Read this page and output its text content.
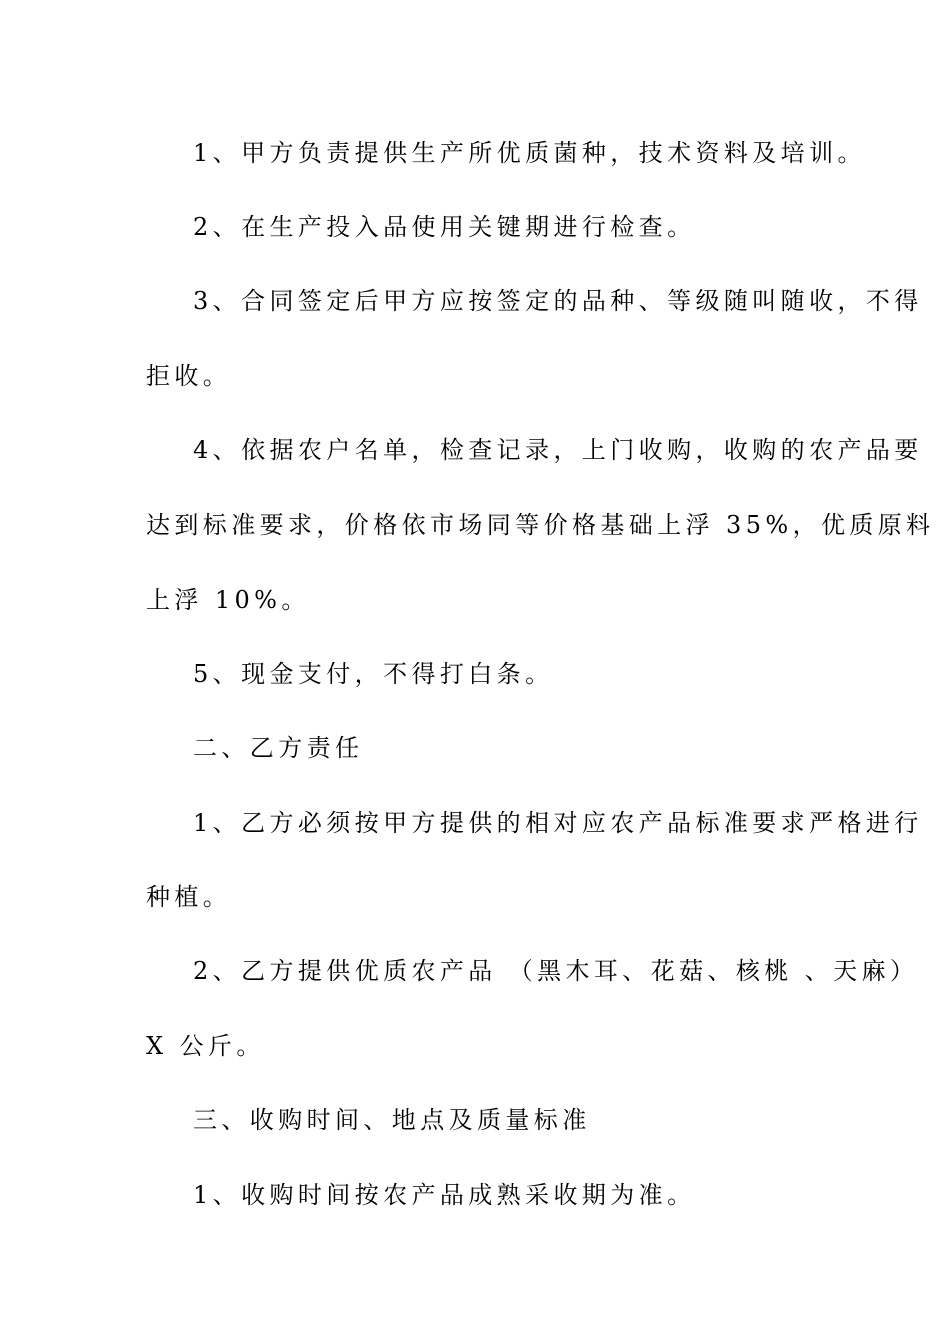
1、甲方负责提供生产所优质菌种，技术资料及培训。
2、在生产投入品使用关键期进行检查。
3、合同签定后甲方应按签定的品种、等级随叫随收，不得
拒收。
4、依据农户名单，检查记录，上门收购，收购的农产品要
达到标准要求，价格依市场同等价格基础上浮 35%，优质原料
上浮 10%。
5、现金支付，不得打白条。
二、乙方责任
1、乙方必须按甲方提供的相对应农产品标准要求严格进行
种植。
2、乙方提供优质农产品 （黑木耳、花菇、核桃 、天麻）
X 公斤。
三、收购时间、地点及质量标准
1、收购时间按农产品成熟采收期为准。
